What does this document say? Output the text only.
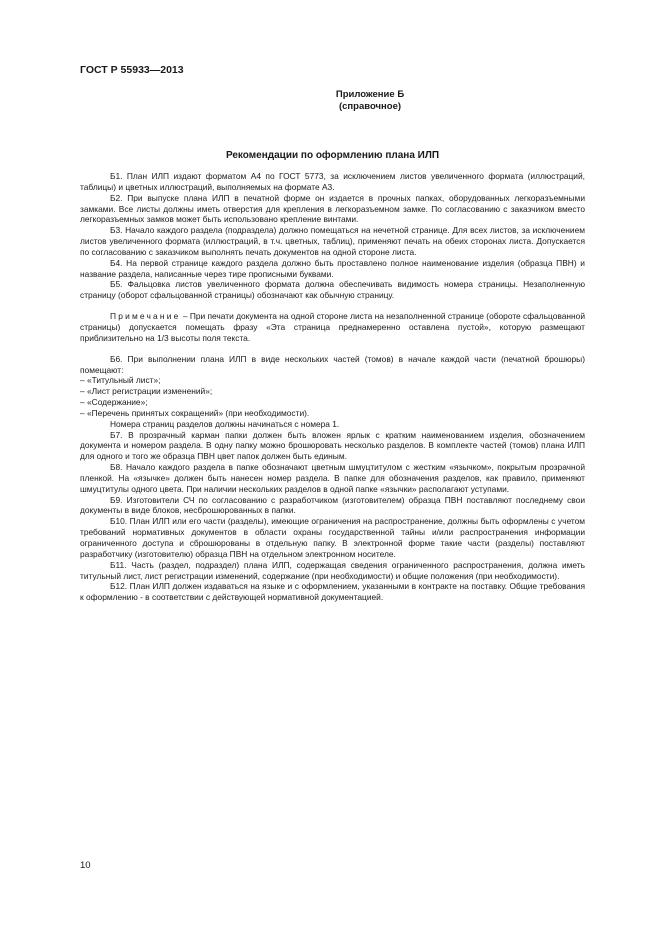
ГОСТ Р 55933—2013
Приложение Б
(справочное)
Рекомендации по оформлению плана ИЛП

Б1. План ИЛП издают форматом А4 по ГОСТ 5773, за исключением листов увеличенного формата (иллюстраций, таблицы) и цветных иллюстраций, выполняемых на формате А3.

Б2. При выпуске плана ИЛП в печатной форме он издается в прочных папках, оборудованных легкоразъемными замками. Все листы должны иметь отверстия для крепления в легкоразъемном замке. По согласованию с заказчиком вместо легкоразъемных замков может быть использовано крепление винтами.

Б3. Начало каждого раздела (подраздела) должно помещаться на нечетной странице. Для всех листов, за исключением листов увеличенного формата (иллюстраций, в т.ч. цветных, таблиц), применяют печать на обеих сторонах листа. Допускается по согласованию с заказчиком выполнять печать документов на одной стороне листа.

Б4. На первой странице каждого раздела должно быть проставлено полное наименование изделия (образца ПВН) и название раздела, написанные через тире прописными буквами.

Б5. Фальцовка листов увеличенного формата должна обеспечивать видимость номера страницы. Незаполненную страницу (оборот сфальцованной страницы) обозначают как обычную страницу.

Примечание – При печати документа на одной стороне листа на незаполненной странице (обороте сфальцованной страницы) допускается помещать фразу «Эта страница преднамеренно оставлена пустой», которую размещают приблизительно на 1/3 высоты поля текста.

Б6. При выполнении плана ИЛП в виде нескольких частей (томов) в начале каждой части (печатной брошюры) помещают:

– «Титульный лист»;

– «Лист регистрации изменений»;

– «Содержание»;

– «Перечень принятых сокращений» (при необходимости).

Номера страниц разделов должны начинаться с номера 1.

Б7. В прозрачный карман папки должен быть вложен ярлык с кратким наименованием изделия, обозначением документа и номером раздела. В одну папку можно брошюровать несколько разделов. В комплекте частей (томов) плана ИЛП для одного и того же образца ПВН цвет папок должен быть единым.

Б8. Начало каждого раздела в папке обозначают цветным шмуцтитулом с жестким «язычком», покрытым прозрачной пленкой. На «язычке» должен быть нанесен номер раздела. В папке для обозначения разделов, как правило, применяют шмуцтитулы одного цвета. При наличии нескольких разделов в одной папке «язычки» располагают уступами.

Б9. Изготовители СЧ по согласованию с разработчиком (изготовителем) образца ПВН поставляют последнему свои документы в виде блоков, несброшюрованных в папки.

Б10. План ИЛП или его части (разделы), имеющие ограничения на распространение, должны быть оформлены с учетом требований нормативных документов в области охраны государственной тайны и/или распространения информации ограниченного доступа и сброшюрованы в отдельную папку. В электронной форме такие части (разделы) поставляют разработчику (изготовителю) образца ПВН на отдельном электронном носителе.

Б11. Часть (раздел, подраздел) плана ИЛП, содержащая сведения ограниченного распространения, должна иметь титульный лист, лист регистрации изменений, содержание (при необходимости) и общие положения (при необходимости).

Б12. План ИЛП должен издаваться на языке и с оформлением, указанными в контракте на поставку. Общие требования к оформлению - в соответствии с действующей нормативной документацией.

10
